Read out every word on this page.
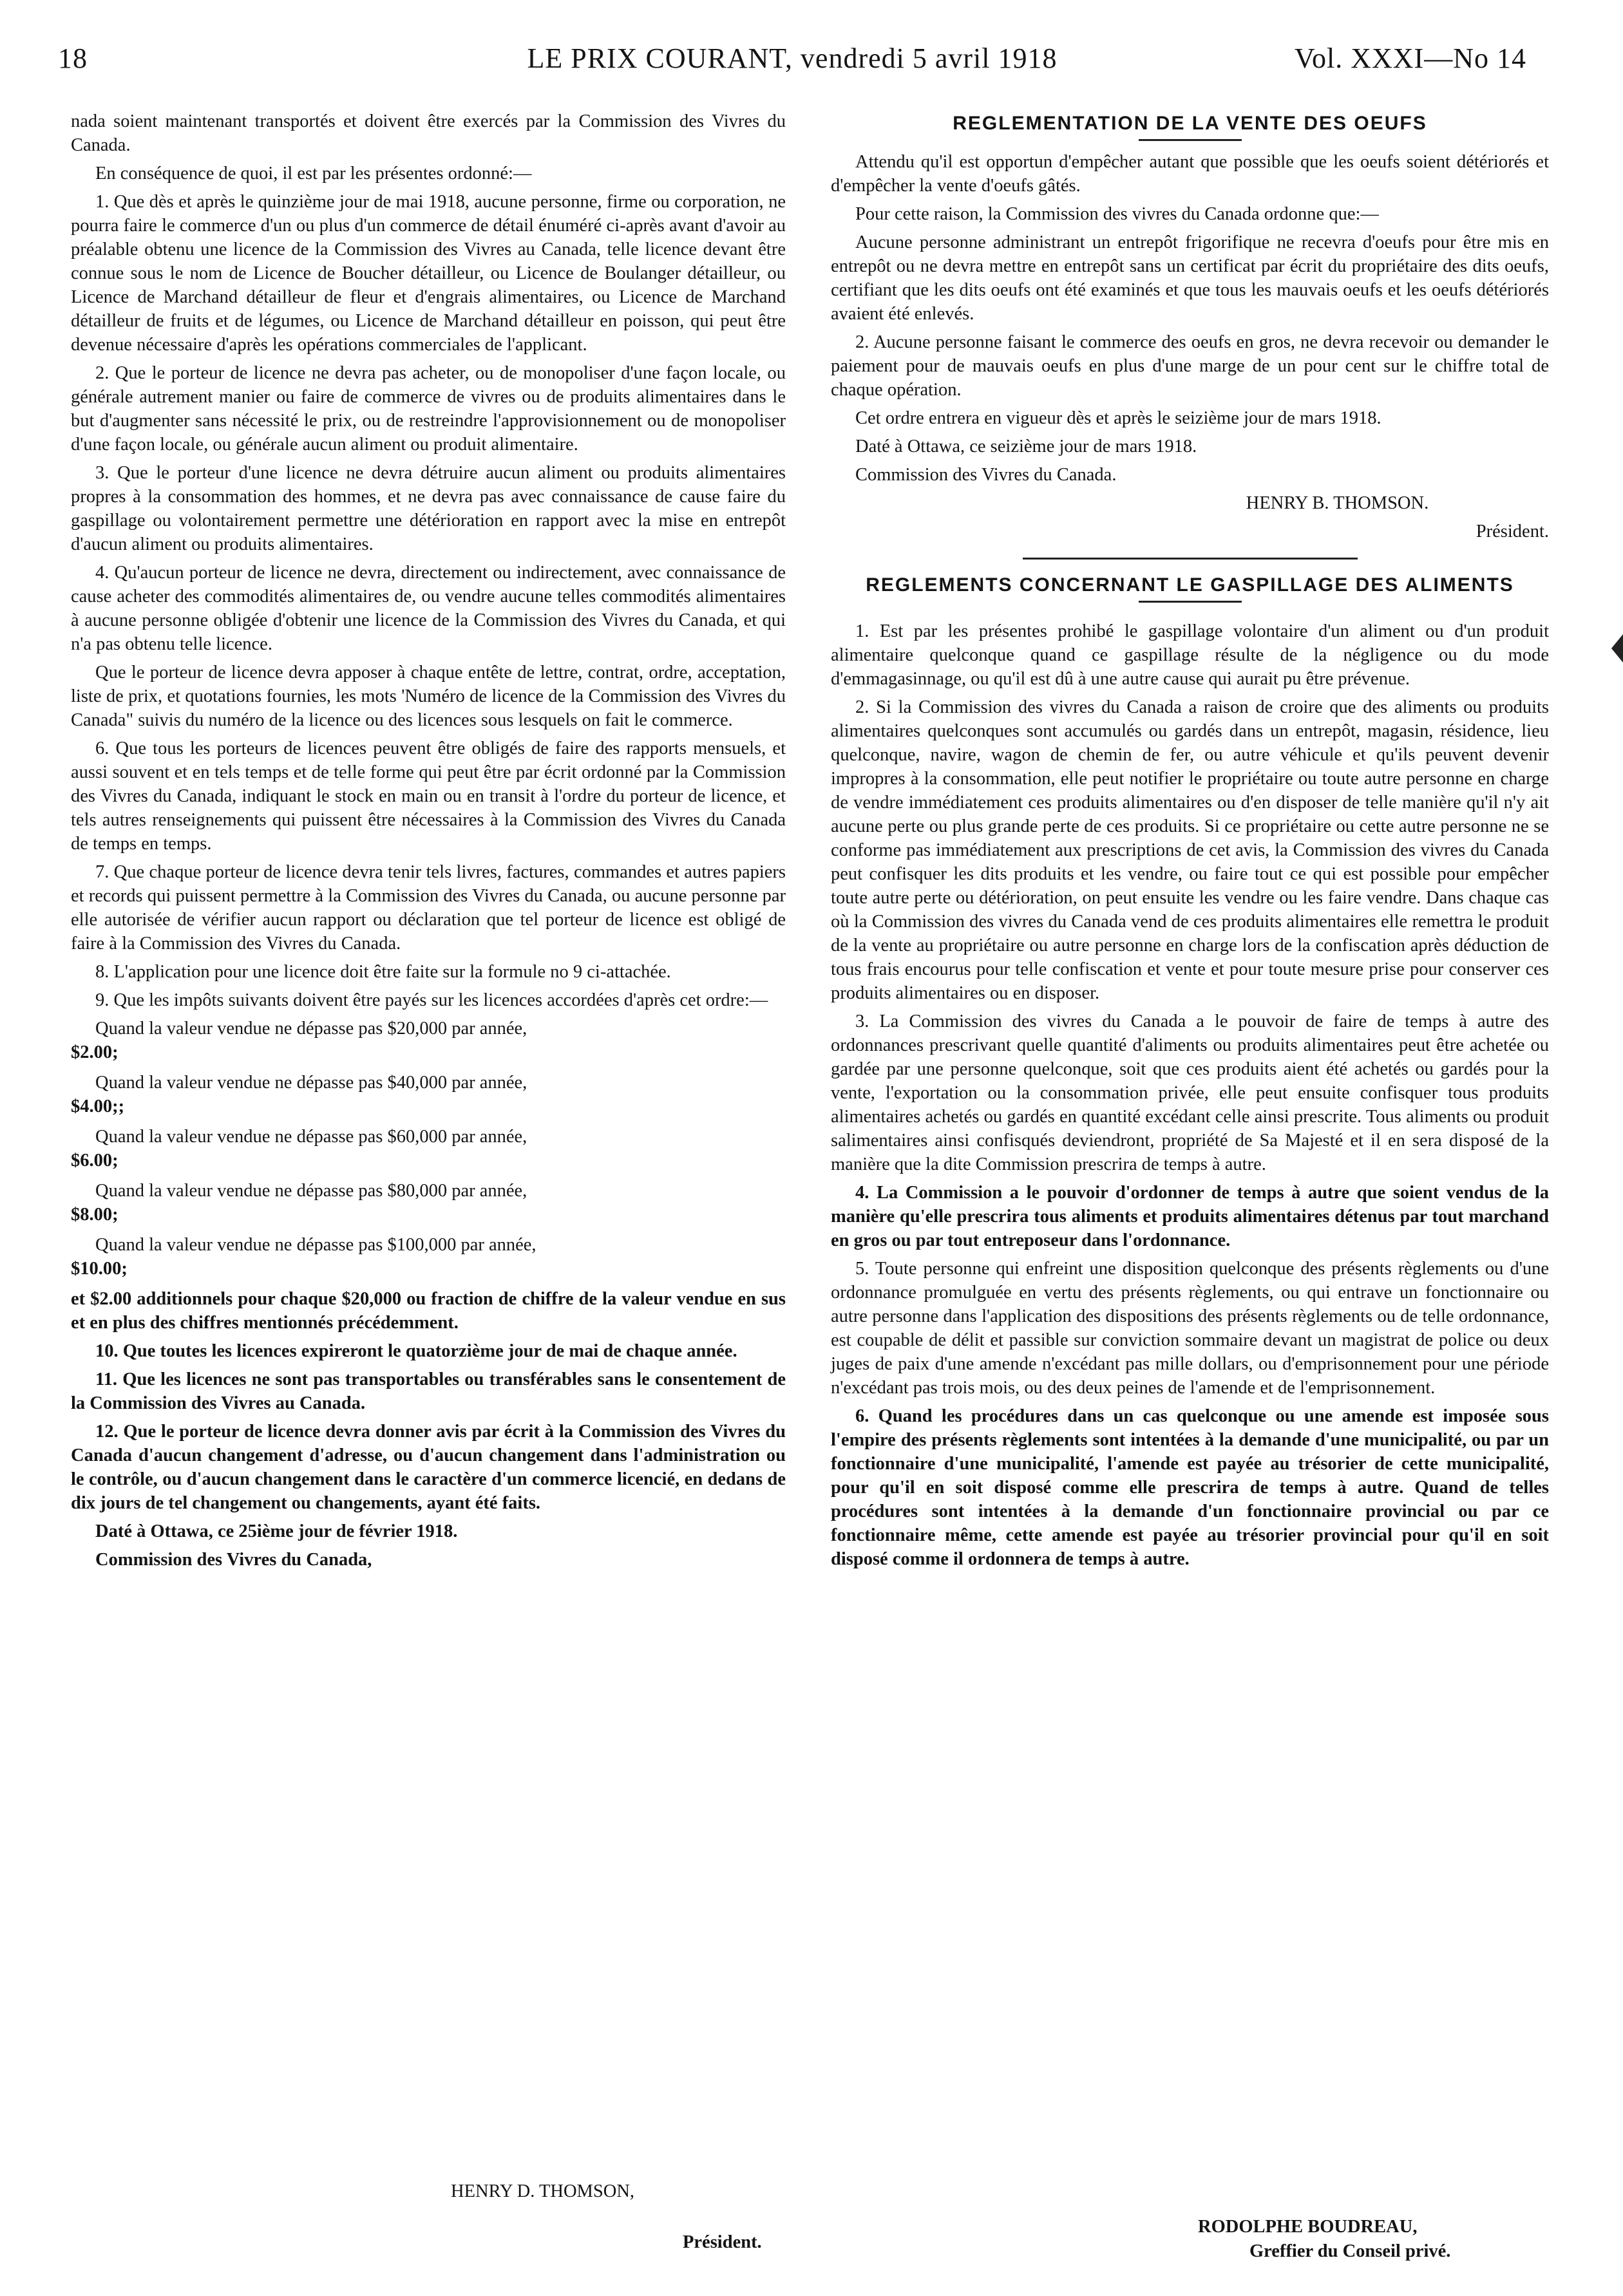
18	LE PRIX COURANT, vendredi 5 avril 1918	Vol. XXXI—No 14

nada soient maintenant transportés et doivent être exercés par la Commission des Vivres du Canada.

En conséquence de quoi, il est par les présentes ordonné:—

1. Que dès et après le quinzième jour de mai 1918, aucune personne, firme ou corporation, ne pourra faire le commerce d'un ou plus d'un commerce de détail énuméré ci-après avant d'avoir au préalable obtenu une licence de la Commission des Vivres au Canada, telle licence devant être connue sous le nom de Licence de Boucher détailleur, ou Licence de Boulanger détailleur, ou Licence de Marchand détailleur de fleur et d'engrais alimentaires, ou Licence de Marchand détailleur de fruits et de légumes, ou Licence de Marchand détailleur en poisson, qui peut être devenue nécessaire d'après les opérations commerciales de l'applicant.

2. Que le porteur de licence ne devra pas acheter, ou de monopoliser d'une façon locale, ou générale autrement manier ou faire de commerce de vivres ou de produits alimentaires dans le but d'augmenter sans nécessité le prix, ou de restreindre l'approvisionnement ou de monopoliser d'une façon locale, ou générale aucun aliment ou produit alimentaire.

3. Que le porteur d'une licence ne devra détruire aucun aliment ou produits alimentaires propres à la consommation des hommes, et ne devra pas avec connaissance de cause faire du gaspillage ou volontairement permettre une détérioration en rapport avec la mise en entrepôt d'aucun aliment ou produits alimentaires.

4. Qu'aucun porteur de licence ne devra, directement ou indirectement, avec connaissance de cause acheter des commodités alimentaires de, ou vendre aucune telles commodités alimentaires à aucune personne obligée d'obtenir une licence de la Commission des Vivres du Canada, et qui n'a pas obtenu telle licence.

Que le porteur de licence devra apposer à chaque entête de lettre, contrat, ordre, acceptation, liste de prix, et quotations fournies, les mots 'Numéro de licence de la Commission des Vivres du Canada" suivis du numéro de la licence ou des licences sous lesquels on fait le commerce.

6. Que tous les porteurs de licences peuvent être obligés de faire des rapports mensuels, et aussi souvent et en tels temps et de telle forme qui peut être par écrit ordonné par la Commission des Vivres du Canada, indiquant le stock en main ou en transit à l'ordre du porteur de licence, et tels autres renseignements qui puissent être nécessaires à la Commission des Vivres du Canada de temps en temps.

7. Que chaque porteur de licence devra tenir tels livres, factures, commandes et autres papiers et records qui puissent permettre à la Commission des Vivres du Canada, ou aucune personne par elle autorisée de vérifier aucun rapport ou déclaration que tel porteur de licence est obligé de faire à la Commission des Vivres du Canada.

8. L'application pour une licence doit être faite sur la formule no 9 ci-attachée.

9. Que les impôts suivants doivent être payés sur les licences accordées d'après cet ordre:—

Quand la valeur vendue ne dépasse pas $20,000 par année,
$2.00;

Quand la valeur vendue ne dépasse pas $40,000 par année,
$4.00;;

Quand la valeur vendue ne dépasse pas $60,000 par année,
$6.00;

Quand la valeur vendue ne dépasse pas $80,000 par année,
$8.00;

Quand la valeur vendue ne dépasse pas $100,000 par année,
$10.00;

et $2.00 additionnels pour chaque $20,000 ou fraction de chiffre de la valeur vendue en sus et en plus des chiffres mentionnés précédemment.

10. Que toutes les licences expireront le quatorzième jour de mai de chaque année.

11. Que les licences ne sont pas transportables ou transférables sans le consentement de la Commission des Vivres au Canada.

12. Que le porteur de licence devra donner avis par écrit à la Commission des Vivres du Canada d'aucun changement d'adresse, ou d'aucun changement dans l'administration ou le contrôle, ou d'aucun changement dans le caractère d'un commerce licencié, en dedans de dix jours de tel changement ou changements, ayant été faits.

Daté à Ottawa, ce 25ième jour de février 1918.

Commission des Vivres du Canada,

HENRY D. THOMSON,
Président.
REGLEMENTATION DE LA VENTE DES OEUFS

Attendu qu'il est opportun d'empêcher autant que possible que les oeufs soient détériorés et d'empêcher la vente d'oeufs gâtés.

Pour cette raison, la Commission des vivres du Canada ordonne que:—

Aucune personne administrant un entrepôt frigorifique ne recevra d'oeufs pour être mis en entrepôt ou ne devra mettre en entrepôt sans un certificat par écrit du propriétaire des dits oeufs, certifiant que les dits oeufs ont été examinés et que tous les mauvais oeufs et les oeufs détériorés avaient été enlevés.

2. Aucune personne faisant le commerce des oeufs en gros, ne devra recevoir ou demander le paiement pour de mauvais oeufs en plus d'une marge de un pour cent sur le chiffre total de chaque opération.

Cet ordre entrera en vigueur dès et après le seizième jour de mars 1918.

Daté à Ottawa, ce seizième jour de mars 1918.

Commission des Vivres du Canada.

HENRY B. THOMSON.

Président.

REGLEMENTS CONCERNANT LE GASPILLAGE DES ALIMENTS

1. Est par les présentes prohibé le gaspillage volontaire d'un aliment ou d'un produit alimentaire quelconque quand ce gaspillage résulte de la négligence ou du mode d'emmagasinnage, ou qu'il est dû à une autre cause qui aurait pu être prévenue.

2. Si la Commission des vivres du Canada a raison de croire que des aliments ou produits alimentaires quelconques sont accumulés ou gardés dans un entrepôt, magasin, résidence, lieu quelconque, navire, wagon de chemin de fer, ou autre véhicule et qu'ils peuvent devenir impropres à la consommation, elle peut notifier le propriétaire ou toute autre personne en charge de vendre immédiatement ces produits alimentaires ou d'en disposer de telle manière qu'il n'y ait aucune perte ou plus grande perte de ces produits. Si ce propriétaire ou cette autre personne ne se conforme pas immédiatement aux prescriptions de cet avis, la Commission des vivres du Canada peut confisquer les dits produits et les vendre, ou faire tout ce qui est possible pour empêcher toute autre perte ou détérioration, on peut ensuite les vendre ou les faire vendre. Dans chaque cas où la Commission des vivres du Canada vend de ces produits alimentaires elle remettra le produit de la vente au propriétaire ou autre personne en charge lors de la confiscation après déduction de tous frais encourus pour telle confiscation et vente et pour toute mesure prise pour conserver ces produits alimentaires ou en disposer.

3. La Commission des vivres du Canada a le pouvoir de faire de temps à autre des ordonnances prescrivant quelle quantité d'aliments ou produits alimentaires peut être achetée ou gardée par une personne quelconque, soit que ces produits aient été achetés ou gardés pour la vente, l'exportation ou la consommation privée, elle peut ensuite confisquer tous produits alimentaires achetés ou gardés en quantité excédant celle ainsi prescrite. Tous aliments ou produit salimentaires ainsi confisqués deviendront, propriété de Sa Majesté et il en sera disposé de la manière que la dite Commission prescrira de temps à autre.

4. La Commission a le pouvoir d'ordonner de temps à autre que soient vendus de la manière qu'elle prescrira tous aliments et produits alimentaires détenus par tout marchand en gros ou par tout entreposeur dans l'ordonnance.

5. Toute personne qui enfreint une disposition quelconque des présents règlements ou d'une ordonnance promulguée en vertu des présents règlements, ou qui entrave un fonctionnaire ou autre personne dans l'application des dispositions des présents règlements ou de telle ordonnance, est coupable de délit et passible sur conviction sommaire devant un magistrat de police ou deux juges de paix d'une amende n'excédant pas mille dollars, ou d'emprisonnement pour une période n'excédant pas trois mois, ou des deux peines de l'amende et de l'emprisonnement.

6. Quand les procédures dans un cas quelconque ou une amende est imposée sous l'empire des présents règlements sont intentées à la demande d'une municipalité, ou par un fonctionnaire d'une municipalité, l'amende est payée au trésorier de cette municipalité, pour qu'il en soit disposé comme elle prescrira de temps à autre. Quand de telles procédures sont intentées à la demande d'un fonctionnaire provincial ou par ce fonctionnaire même, cette amende est payée au trésorier provincial pour qu'il en soit disposé comme il ordonnera de temps à autre.

RODOLPHE BOUDREAU,
Greffier du Conseil privé.
